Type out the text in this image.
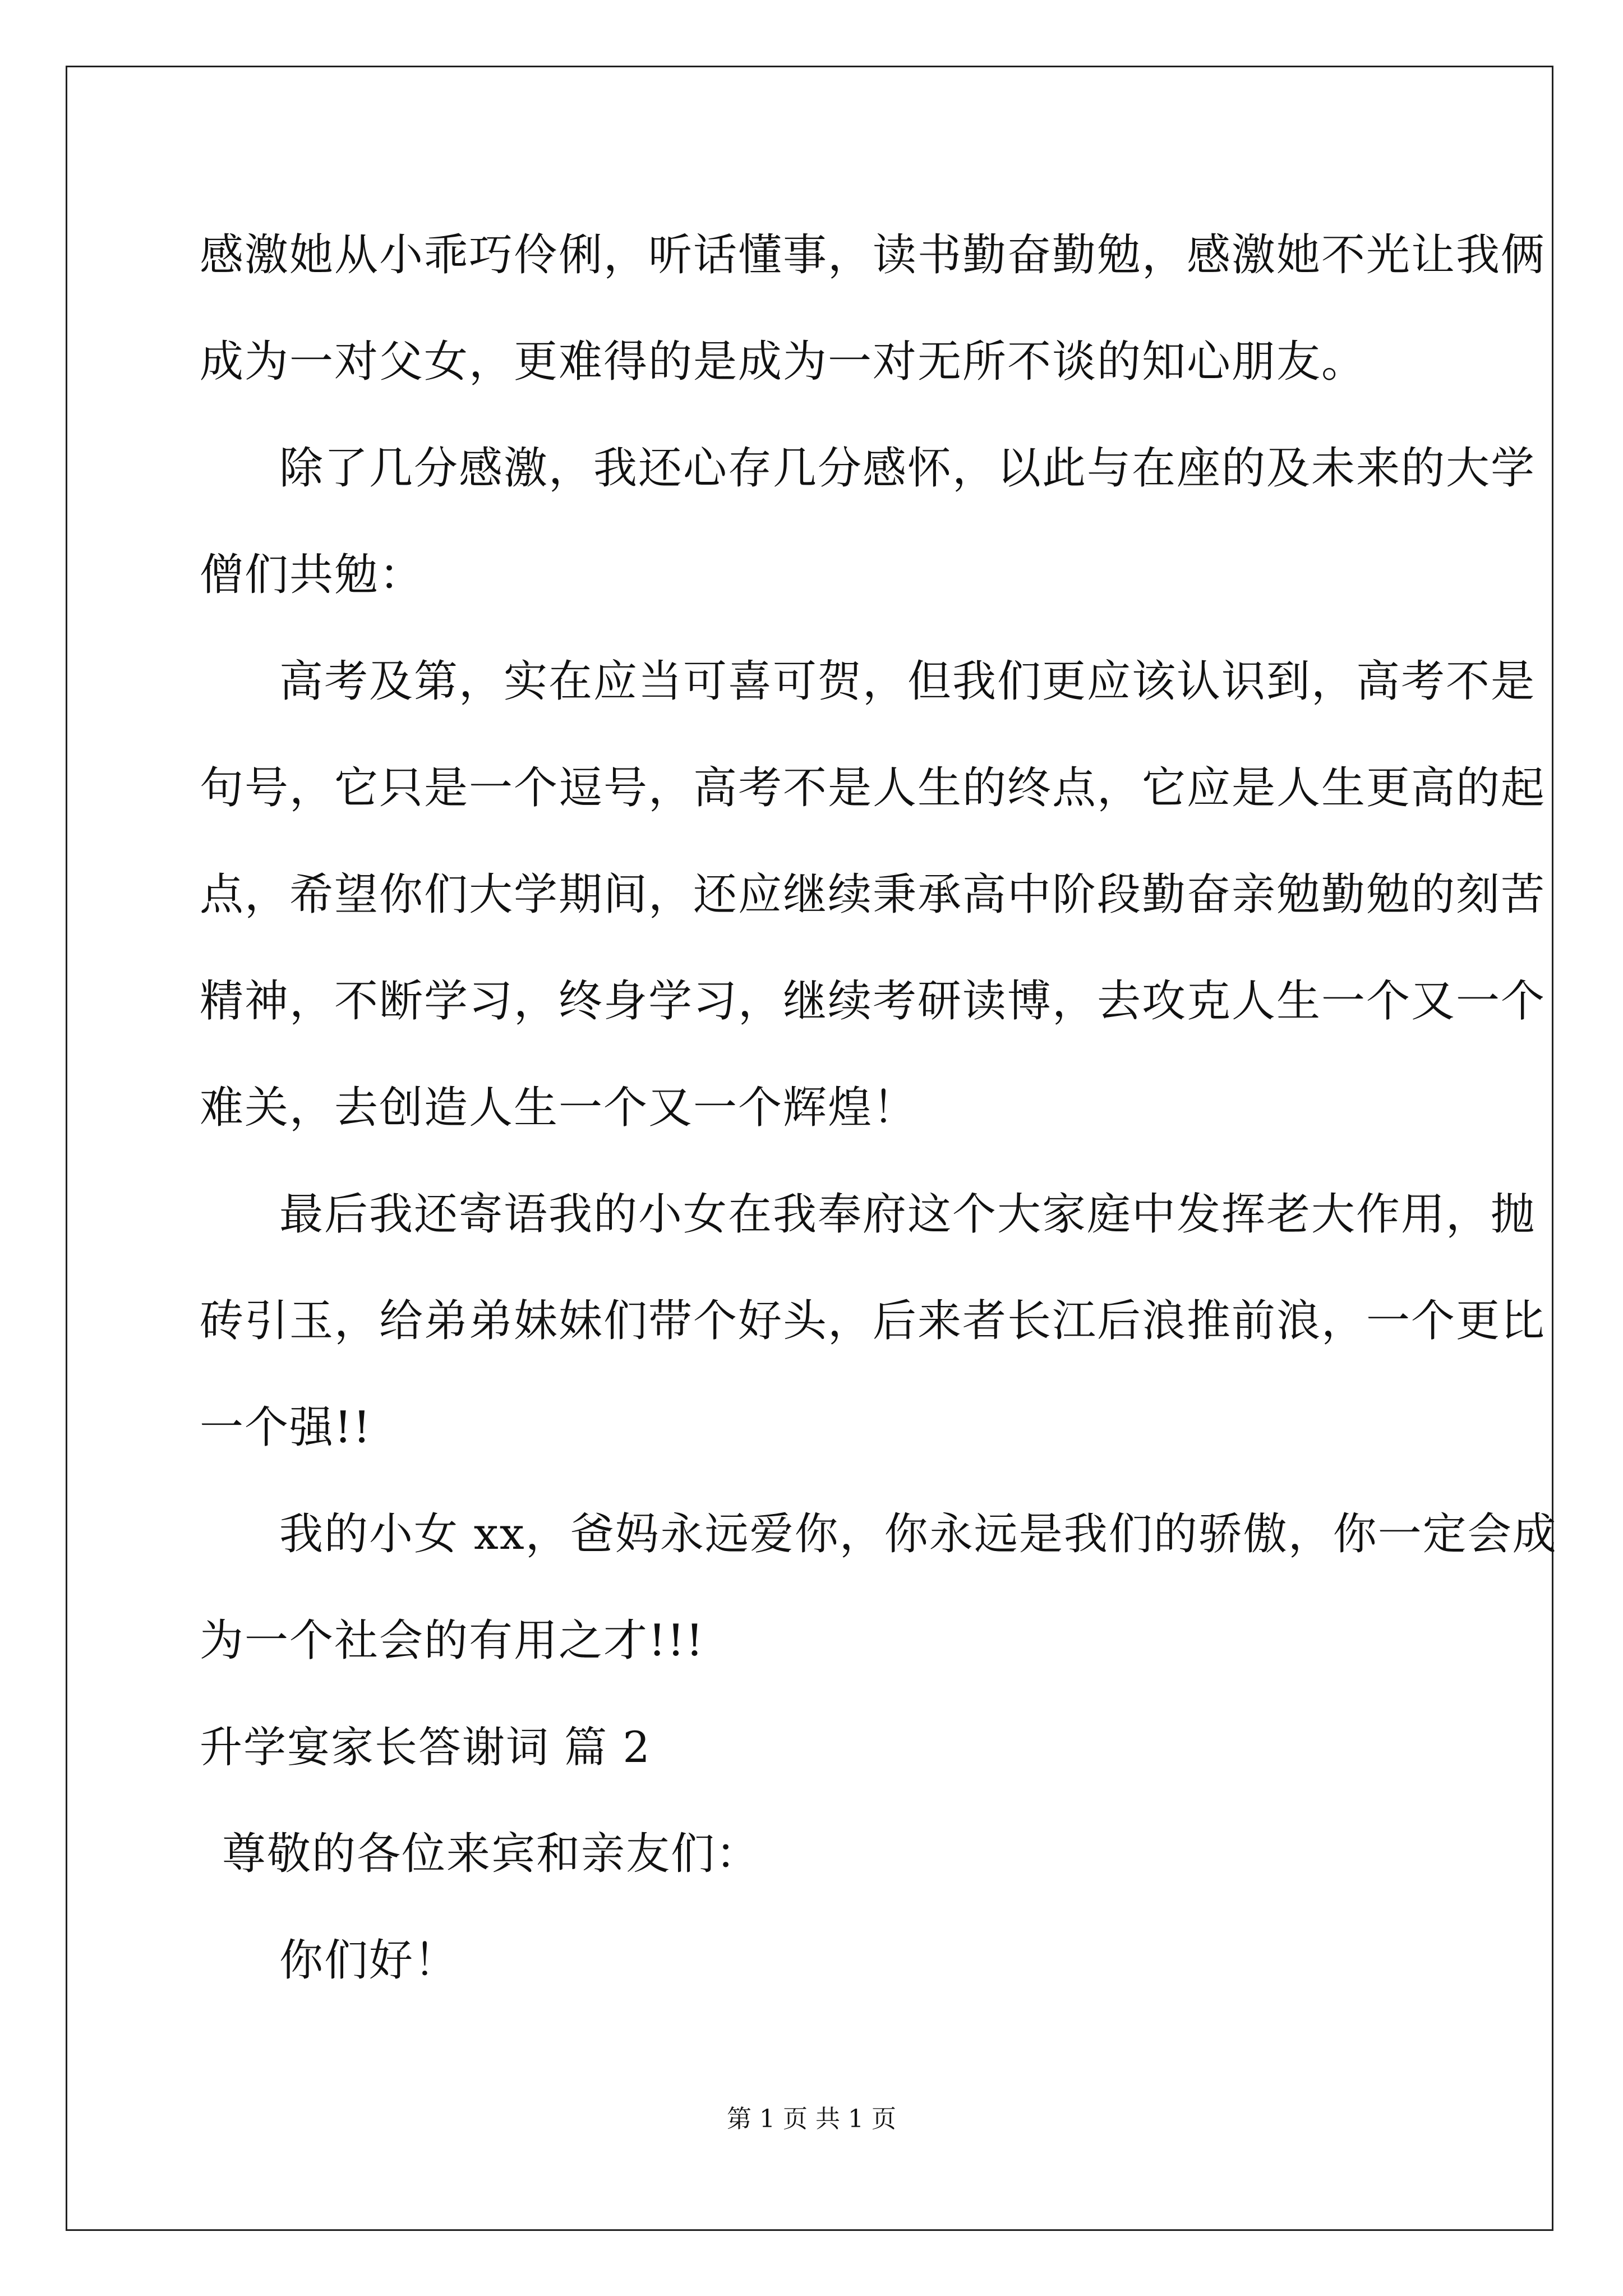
感激她从小乖巧伶俐，听话懂事，读书勤奋勤勉，感激她不光让我俩
成为一对父女，更难得的是成为一对无所不谈的知心朋友。
除了几分感激，我还心存几分感怀，以此与在座的及未来的大学
僧们共勉：
高考及第，实在应当可喜可贺，但我们更应该认识到，高考不是
句号，它只是一个逗号，高考不是人生的终点，它应是人生更高的起
点，希望你们大学期间，还应继续秉承高中阶段勤奋亲勉勤勉的刻苦
精神，不断学习，终身学习，继续考研读博，去攻克人生一个又一个
难关，去创造人生一个又一个辉煌！
最后我还寄语我的小女在我奉府这个大家庭中发挥老大作用，抛
砖引玉，给弟弟妹妹们带个好头，后来者长江后浪推前浪，一个更比
一个强!!
我的小女 xx，爸妈永远爱你，你永远是我们的骄傲，你一定会成
为一个社会的有用之才!!!
升学宴家长答谢词 篇 2
尊敬的各位来宾和亲友们：
你们好！
第 1 页 共 1 页
